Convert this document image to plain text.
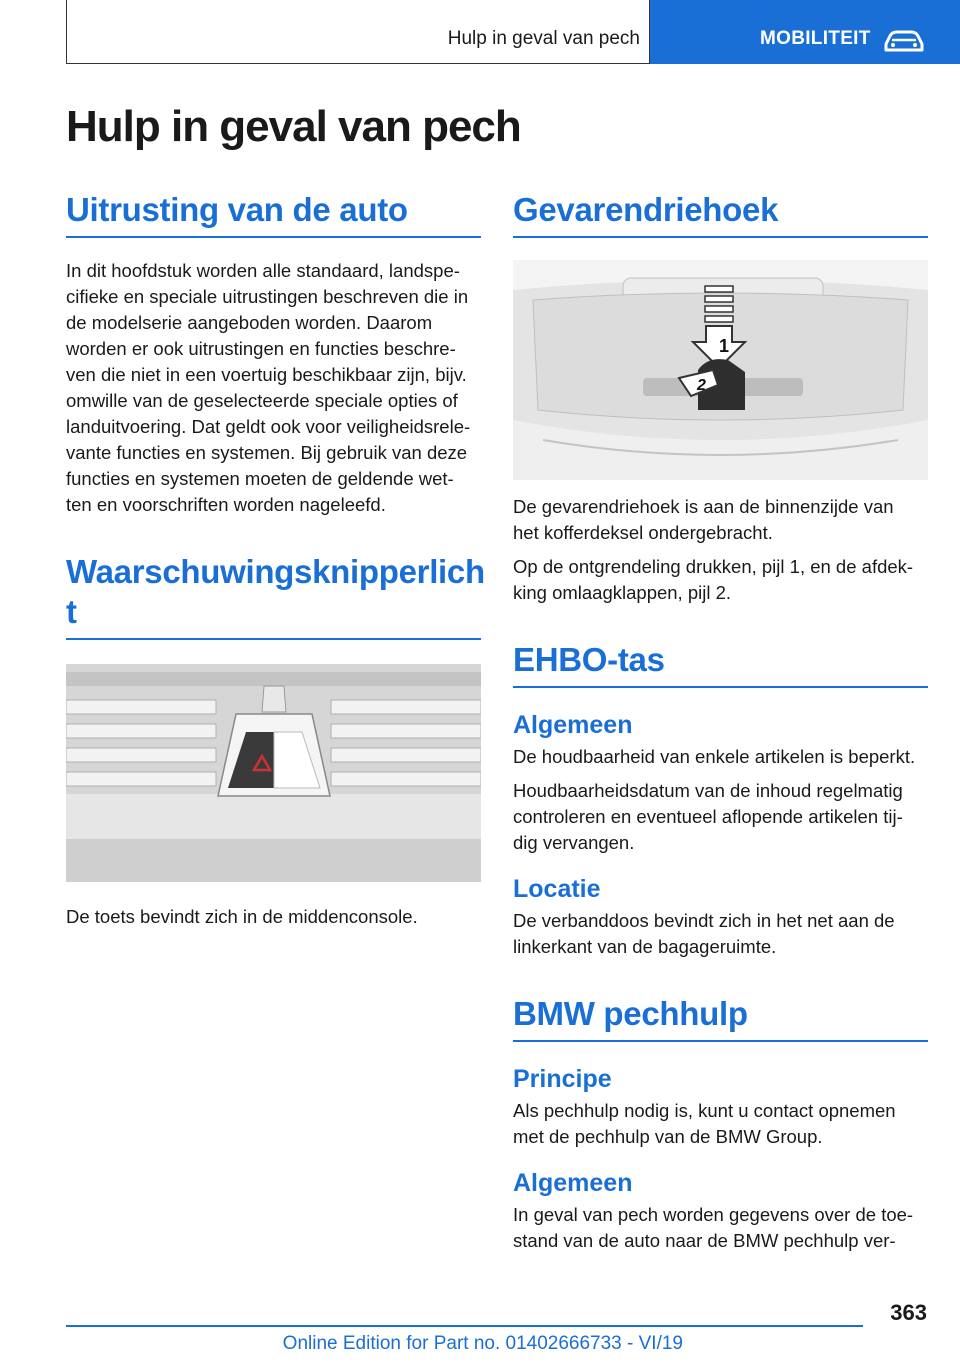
Hulp in geval van pech	MOBILITEIT
Hulp in geval van pech
Uitrusting van de auto

In dit hoofdstuk worden alle standaard, landspe-

cifieke en speciale uitrustingen beschreven die in

de modelserie aangeboden worden. Daarom

worden er ook uitrustingen en functies beschre-

ven die niet in een voertuig beschikbaar zijn, bijv.

omwille van de geselecteerde speciale opties of

landuitvoering. Dat geldt ook voor veiligheidsrele-

vante functies en systemen. Bij gebruik van deze

functies en systemen moeten de geldende wet-

ten en voorschriften worden nageleefd.

Waarschuwingsknipperlich
t

De toets bevindt zich in de middenconsole.

Gevarendriehoek
1
2

De gevarendriehoek is aan de binnenzijde van

het kofferdeksel ondergebracht.

Op de ontgrendeling drukken, pijl 1, en de afdek-

king omlaagklappen, pijl 2.

EHBO-tas
Algemeen

De houdbaarheid van enkele artikelen is beperkt.

Houdbaarheidsdatum van de inhoud regelmatig

controleren en eventueel aflopende artikelen tij-

dig vervangen.

Locatie

De verbanddoos bevindt zich in het net aan de

linkerkant van de bagageruimte.

BMW pechhulp
Principe

Als pechhulp nodig is, kunt u contact opnemen

met de pechhulp van de BMW Group.

Algemeen

In geval van pech worden gegevens over de toe-

stand van de auto naar de BMW pechhulp ver-

363
Online Edition for Part no. 01402666733 - VI/19
